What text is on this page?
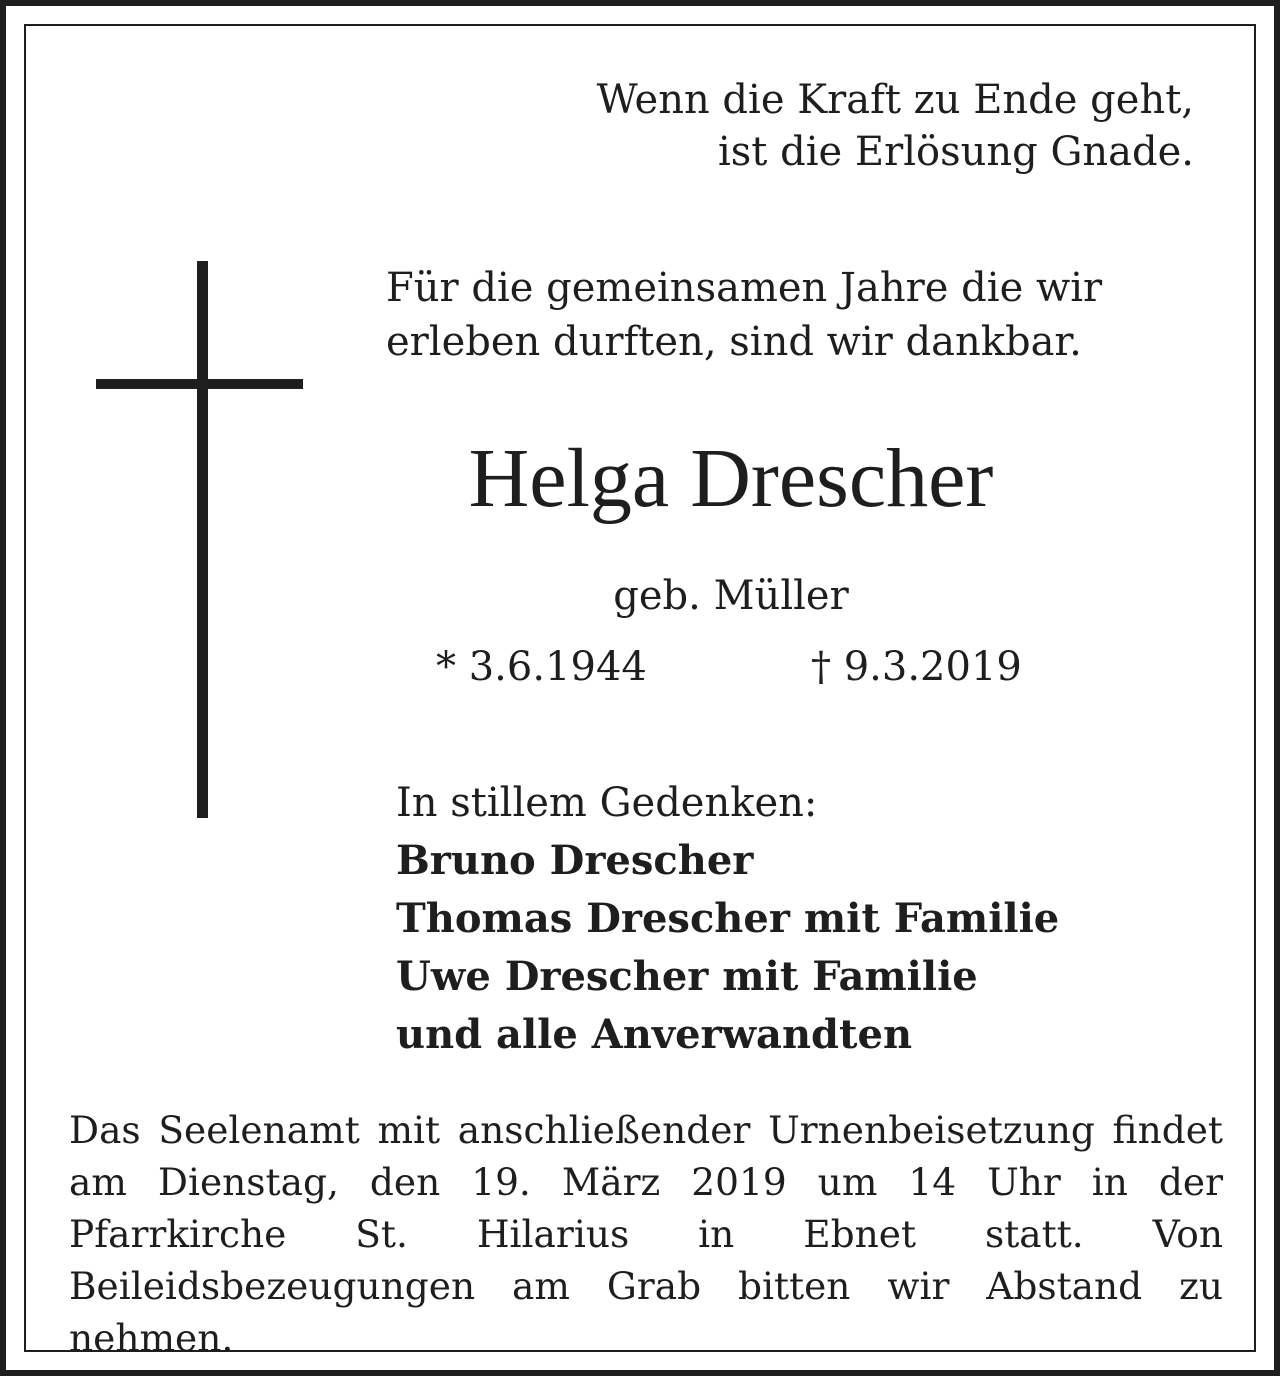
Wenn die Kraft zu Ende geht,
ist die Erlösung Gnade.
Für die gemeinsamen Jahre die wir
erleben durften, sind wir dankbar.
Helga Drescher
geb. Müller
* 3.6.1944	† 9.3.2019
In stillem Gedenken:
Bruno Drescher
Thomas Drescher mit Familie
Uwe Drescher mit Familie
und alle Anverwandten
Das Seelenamt mit anschließender Urnenbeisetzung findet am Dienstag, den 19. März 2019 um 14 Uhr in der Pfarrkirche St. Hilarius in Ebnet statt. Von Beileidsbezeugungen am Grab bitten wir Abstand zu nehmen.
